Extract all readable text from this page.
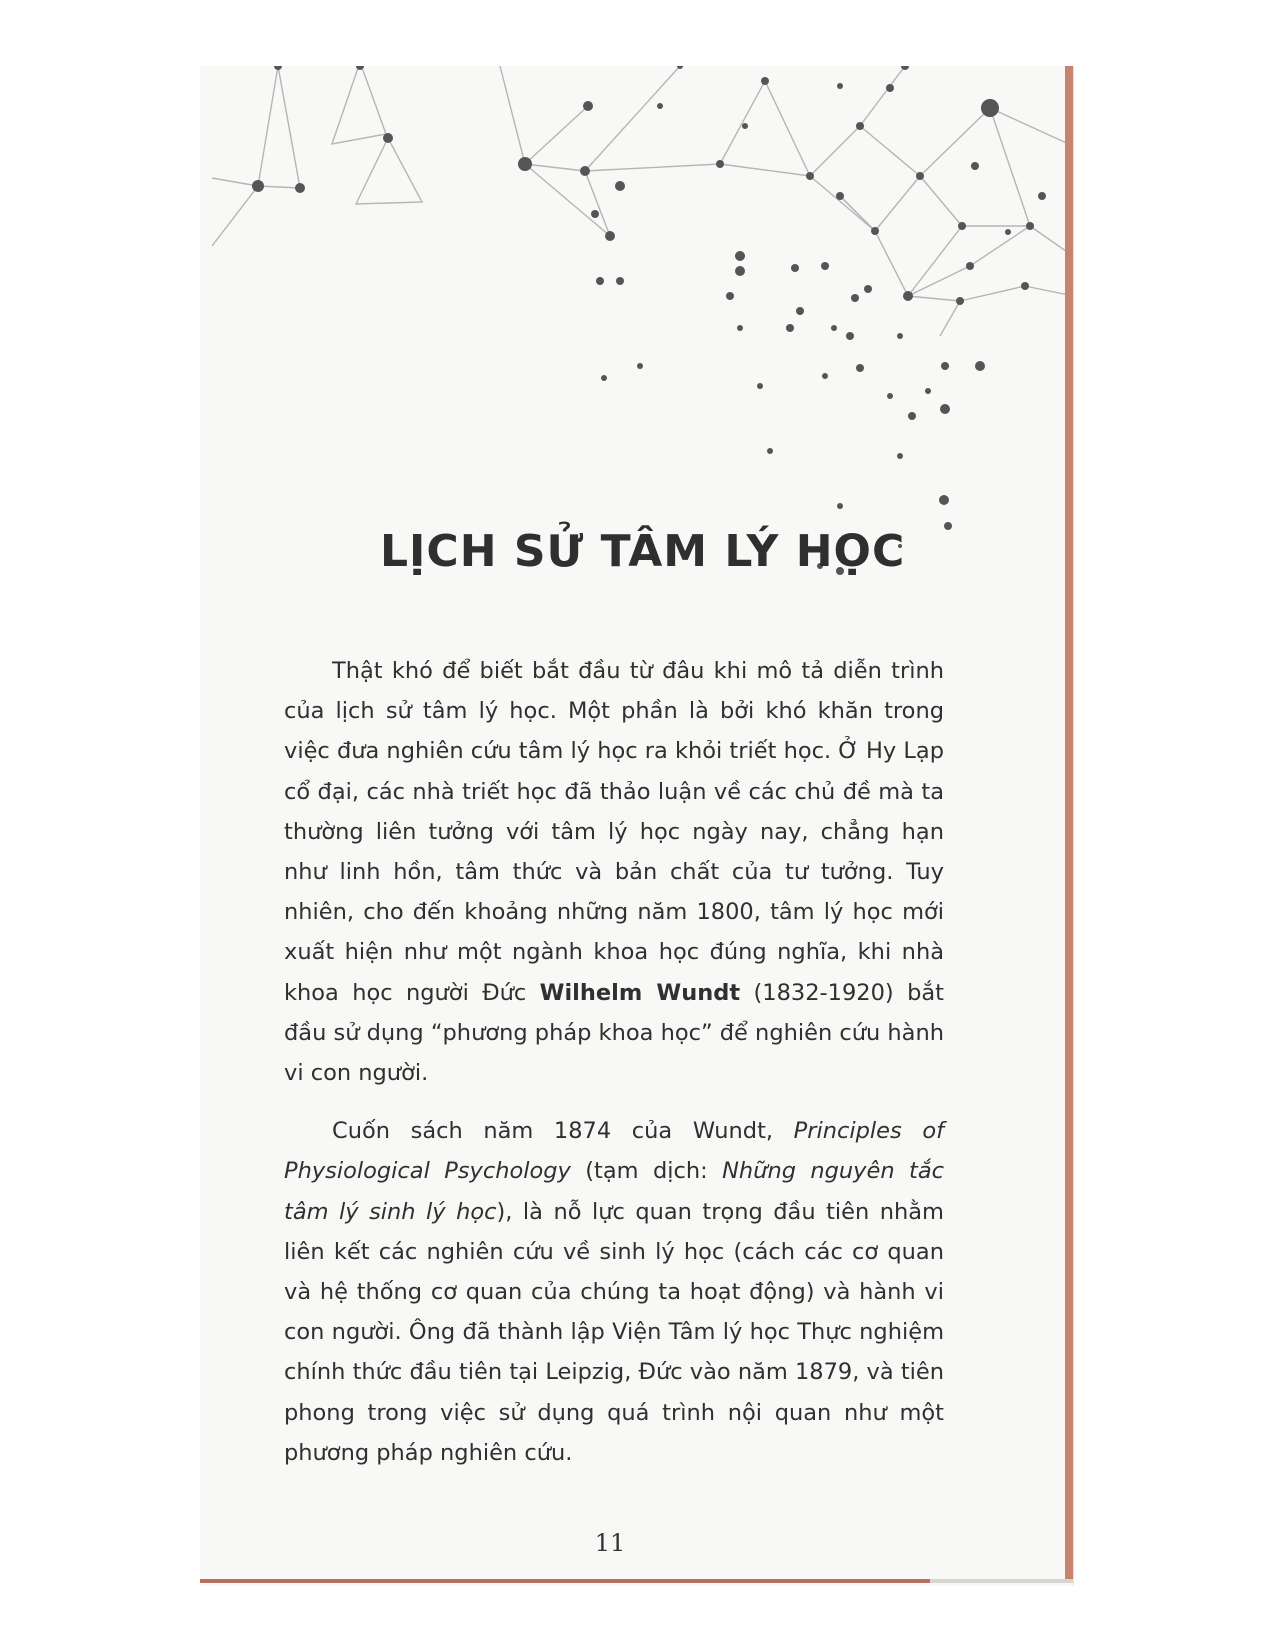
LỊCH SỬ TÂM LÝ HỌC

Thật khó để biết bắt đầu từ đâu khi mô tả diễn trình của lịch sử tâm lý học. Một phần là bởi khó khăn trong việc đưa nghiên cứu tâm lý học ra khỏi triết học. Ở Hy Lạp cổ đại, các nhà triết học đã thảo luận về các chủ đề mà ta thường liên tưởng với tâm lý học ngày nay, chẳng hạn như linh hồn, tâm thức và bản chất của tư tưởng. Tuy nhiên, cho đến khoảng những năm 1800, tâm lý học mới xuất hiện như một ngành khoa học đúng nghĩa, khi nhà khoa học người Đức Wilhelm Wundt (1832-1920) bắt đầu sử dụng “phương pháp khoa học” để nghiên cứu hành vi con người.

Cuốn sách năm 1874 của Wundt, Principles of Physiological Psychology (tạm dịch: Những nguyên tắc tâm lý sinh lý học), là nỗ lực quan trọng đầu tiên nhằm liên kết các nghiên cứu về sinh lý học (cách các cơ quan và hệ thống cơ quan của chúng ta hoạt động) và hành vi con người. Ông đã thành lập Viện Tâm lý học Thực nghiệm chính thức đầu tiên tại Leipzig, Đức vào năm 1879, và tiên phong trong việc sử dụng quá trình nội quan như một phương pháp nghiên cứu.

11
